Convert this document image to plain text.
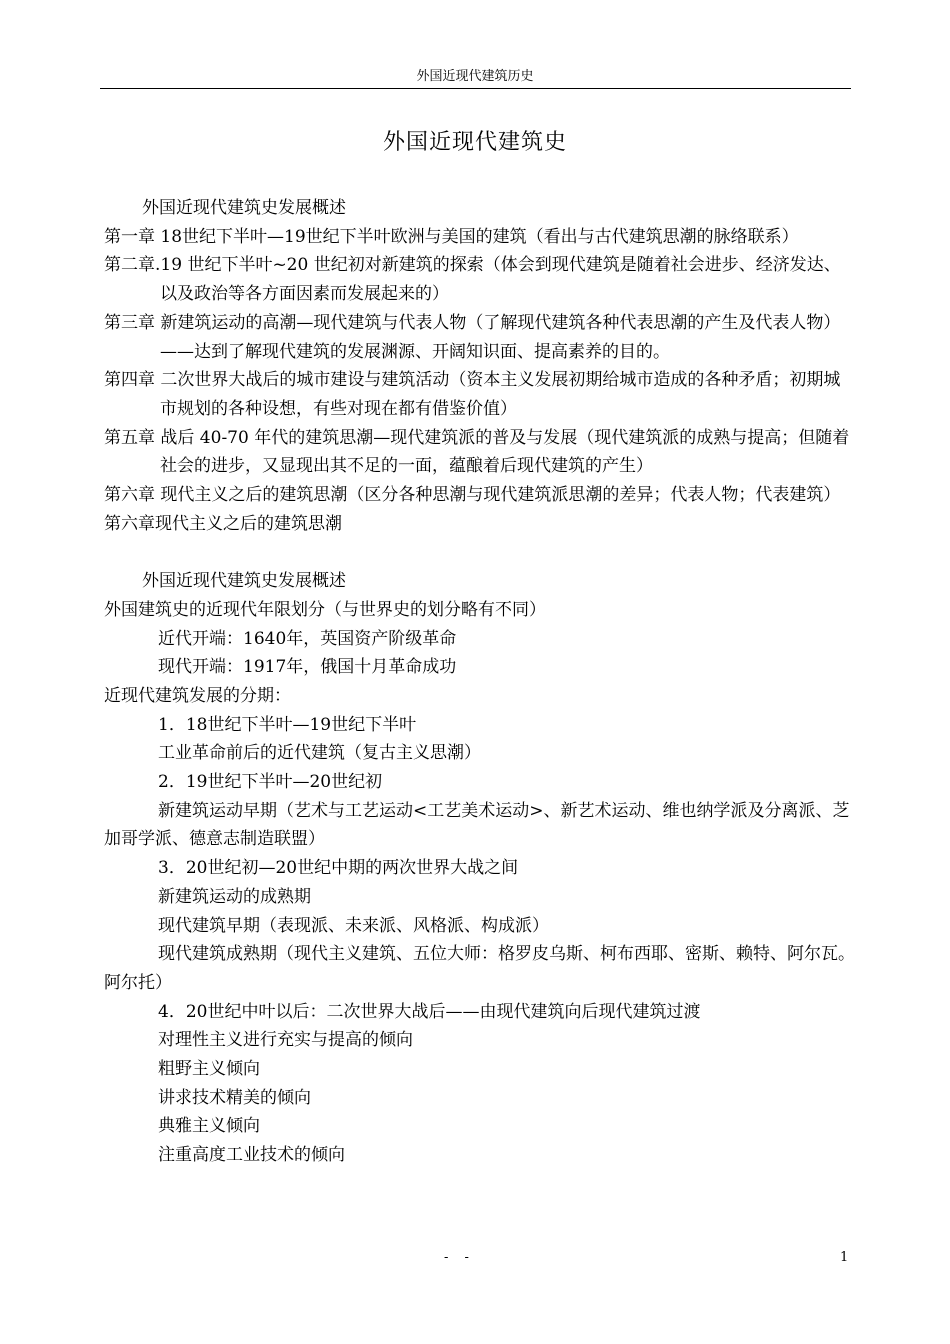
外国近现代建筑历史
外国近现代建筑史

外国近现代建筑史发展概述

第一章 18世纪下半叶—19世纪下半叶欧洲与美国的建筑（看出与古代建筑思潮的脉络联系）

第二章.19 世纪下半叶~20 世纪初对新建筑的探索（体会到现代建筑是随着社会进步、经济发达、以及政治等各方面因素而发展起来的）

第三章 新建筑运动的高潮—现代建筑与代表人物（了解现代建筑各种代表思潮的产生及代表人物）——达到了解现代建筑的发展渊源、开阔知识面、提高素养的目的。

第四章 二次世界大战后的城市建设与建筑活动（资本主义发展初期给城市造成的各种矛盾；初期城市规划的各种设想，有些对现在都有借鉴价值）

第五章 战后 40-70 年代的建筑思潮—现代建筑派的普及与发展（现代建筑派的成熟与提高；但随着社会的进步，又显现出其不足的一面，蕴酿着后现代建筑的产生）

第六章 现代主义之后的建筑思潮（区分各种思潮与现代建筑派思潮的差异；代表人物；代表建筑）

第六章现代主义之后的建筑思潮

外国近现代建筑史发展概述

外国建筑史的近现代年限划分（与世界史的划分略有不同）

近代开端：1640年，英国资产阶级革命

现代开端：1917年，俄国十月革命成功

近现代建筑发展的分期：

1．18世纪下半叶—19世纪下半叶

工业革命前后的近代建筑（复古主义思潮）

2．19世纪下半叶—20世纪初

新建筑运动早期（艺术与工艺运动<工艺美术运动>、新艺术运动、维也纳学派及分离派、芝加哥学派、德意志制造联盟）

3．20世纪初—20世纪中期的两次世界大战之间

新建筑运动的成熟期

现代建筑早期（表现派、未来派、风格派、构成派）

现代建筑成熟期（现代主义建筑、五位大师：格罗皮乌斯、柯布西耶、密斯、赖特、阿尔瓦。阿尔托）

4．20世纪中叶以后：二次世界大战后——由现代建筑向后现代建筑过渡

对理性主义进行充实与提高的倾向

粗野主义倾向

讲求技术精美的倾向

典雅主义倾向

注重高度工业技术的倾向

- -	1
